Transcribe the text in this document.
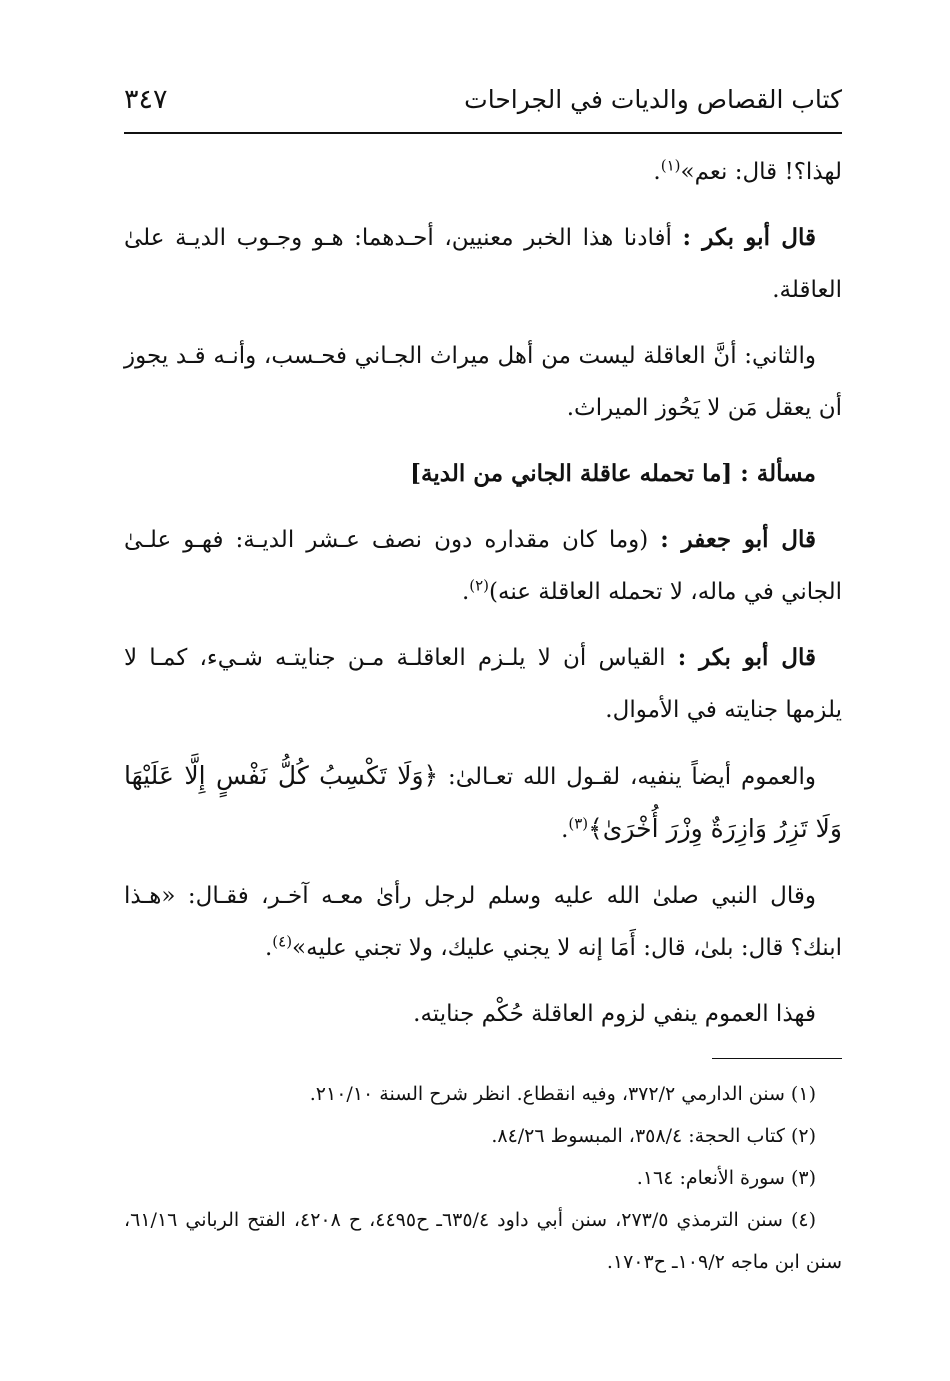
كتاب القصاص والديات في الجراحات
٣٤٧

لهذا؟! قال: نعم»$^{(١)}$.

قال أبو بكر : أفادنا هذا الخبر معنيين، أحـدهما: هـو وجـوب الديـة علىٰ العاقلة.

والثاني: أنَّ العاقلة ليست من أهل ميراث الجـاني فحـسب، وأنـه قـد يجوز أن يعقل مَن لا يَحُوز الميراث.

مسألة : [ما تحمله عاقلة الجاني من الدية]

قال أبو جعفر : (وما كان مقداره دون نصف عـشر الديـة: فهـو علـىٰ الجاني في ماله، لا تحمله العاقلة عنه)$^{(٢)}$.

قال أبو بكر : القياس أن لا يلـزم العاقلـة مـن جنايتـه شـيء، كمـا لا يلزمها جنايته في الأموال.

والعموم أيضاً ينفيه، لقـول الله تعـالىٰ: ﴿وَلَا تَكْسِبُ كُلُّ نَفْسٍ إِلَّا عَلَيْهَا وَلَا تَزِرُ وَازِرَةٌ وِزْرَ أُخْرَىٰ﴾$^{(٣)}$.

وقال النبي صلىٰ الله عليه وسلم لرجل رأىٰ معـه آخـر، فقـال: «هـذا ابنك؟ قال: بلىٰ، قال: أَمَا إنه لا يجني عليك، ولا تجني عليه»$^{(٤)}$.

فهذا العموم ينفي لزوم العاقلة حُكْم جنايته.

(١) سنن الدارمي ٣٧٢/٢، وفيه انقطاع. انظر شرح السنة ٢١٠/١٠.

(٢) كتاب الحجة: ٣٥٨/٤، المبسوط ٨٤/٢٦.

(٣) سورة الأنعام: ١٦٤.

(٤) سنن الترمذي ٢٧٣/٥، سنن أبي داود ٦٣٥/٤ـ ح٤٤٩٥، ح ٤٢٠٨، الفتح الرباني ٦١/١٦، سنن ابن ماجه ١٠٩/٢ـ ح١٧٠٣.
